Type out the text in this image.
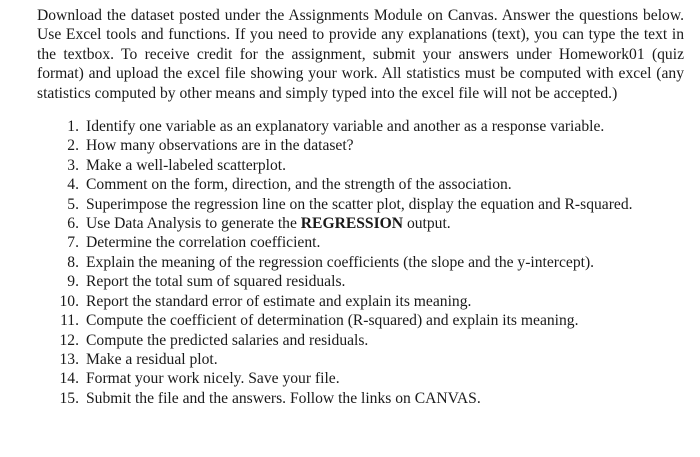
Download the dataset posted under the Assignments Module on Canvas. Answer the questions below. Use Excel tools and functions. If you need to provide any explanations (text), you can type the text in the textbox. To receive credit for the assignment, submit your answers under Homework01 (quiz format) and upload the excel file showing your work. All statistics must be computed with excel (any statistics computed by other means and simply typed into the excel file will not be accepted.)

1. Identify one variable as an explanatory variable and another as a response variable.
2. How many observations are in the dataset?
3. Make a well-labeled scatterplot.
4. Comment on the form, direction, and the strength of the association.
5. Superimpose the regression line on the scatter plot, display the equation and R-squared.
6. Use Data Analysis to generate the REGRESSION output.
7. Determine the correlation coefficient.
8. Explain the meaning of the regression coefficients (the slope and the y-intercept).
9. Report the total sum of squared residuals.
10. Report the standard error of estimate and explain its meaning.
11. Compute the coefficient of determination (R-squared) and explain its meaning.
12. Compute the predicted salaries and residuals.
13. Make a residual plot.
14. Format your work nicely. Save your file.
15. Submit the file and the answers. Follow the links on CANVAS.
